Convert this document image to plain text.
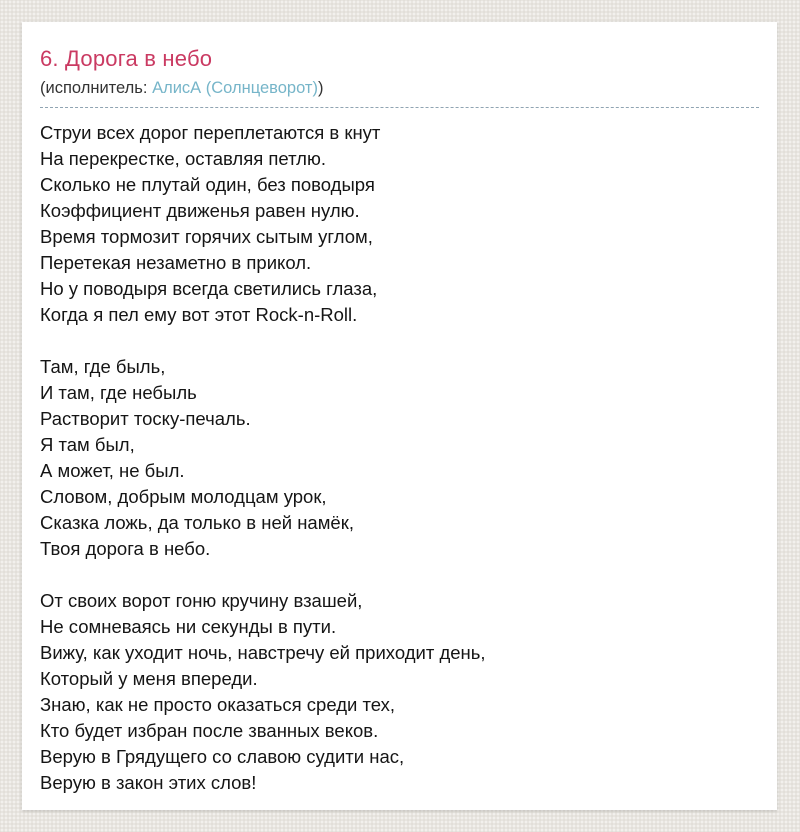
6. Дорога в небо
(исполнитель: АлисА (Солнцеворот))
Струи всех дорог переплетаются в кнут
На перекрестке, оставляя петлю.
Сколько не плутай один, без поводыря
Коэффициент движенья равен нулю.
Время тормозит горячих сытым углом,
Перетекая незаметно в прикол.
Но у поводыря всегда светились глаза,
Когда я пел ему вот этот Rock-n-Roll.
Там, где быль,
И там, где небыль
Растворит тоску-печаль.
Я там был,
А может, не был.
Словом, добрым молодцам урок,
Сказка ложь, да только в ней намёк,
Твоя дорога в небо.
От своих ворот гоню кручину взашей,
Не сомневаясь ни секунды в пути.
Вижу, как уходит ночь, навстречу ей приходит день,
Который у меня впереди.
Знаю, как не просто оказаться среди тех,
Кто будет избран после званных веков.
Верую в Грядущего со славою судити нас,
Верую в закон этих слов!
